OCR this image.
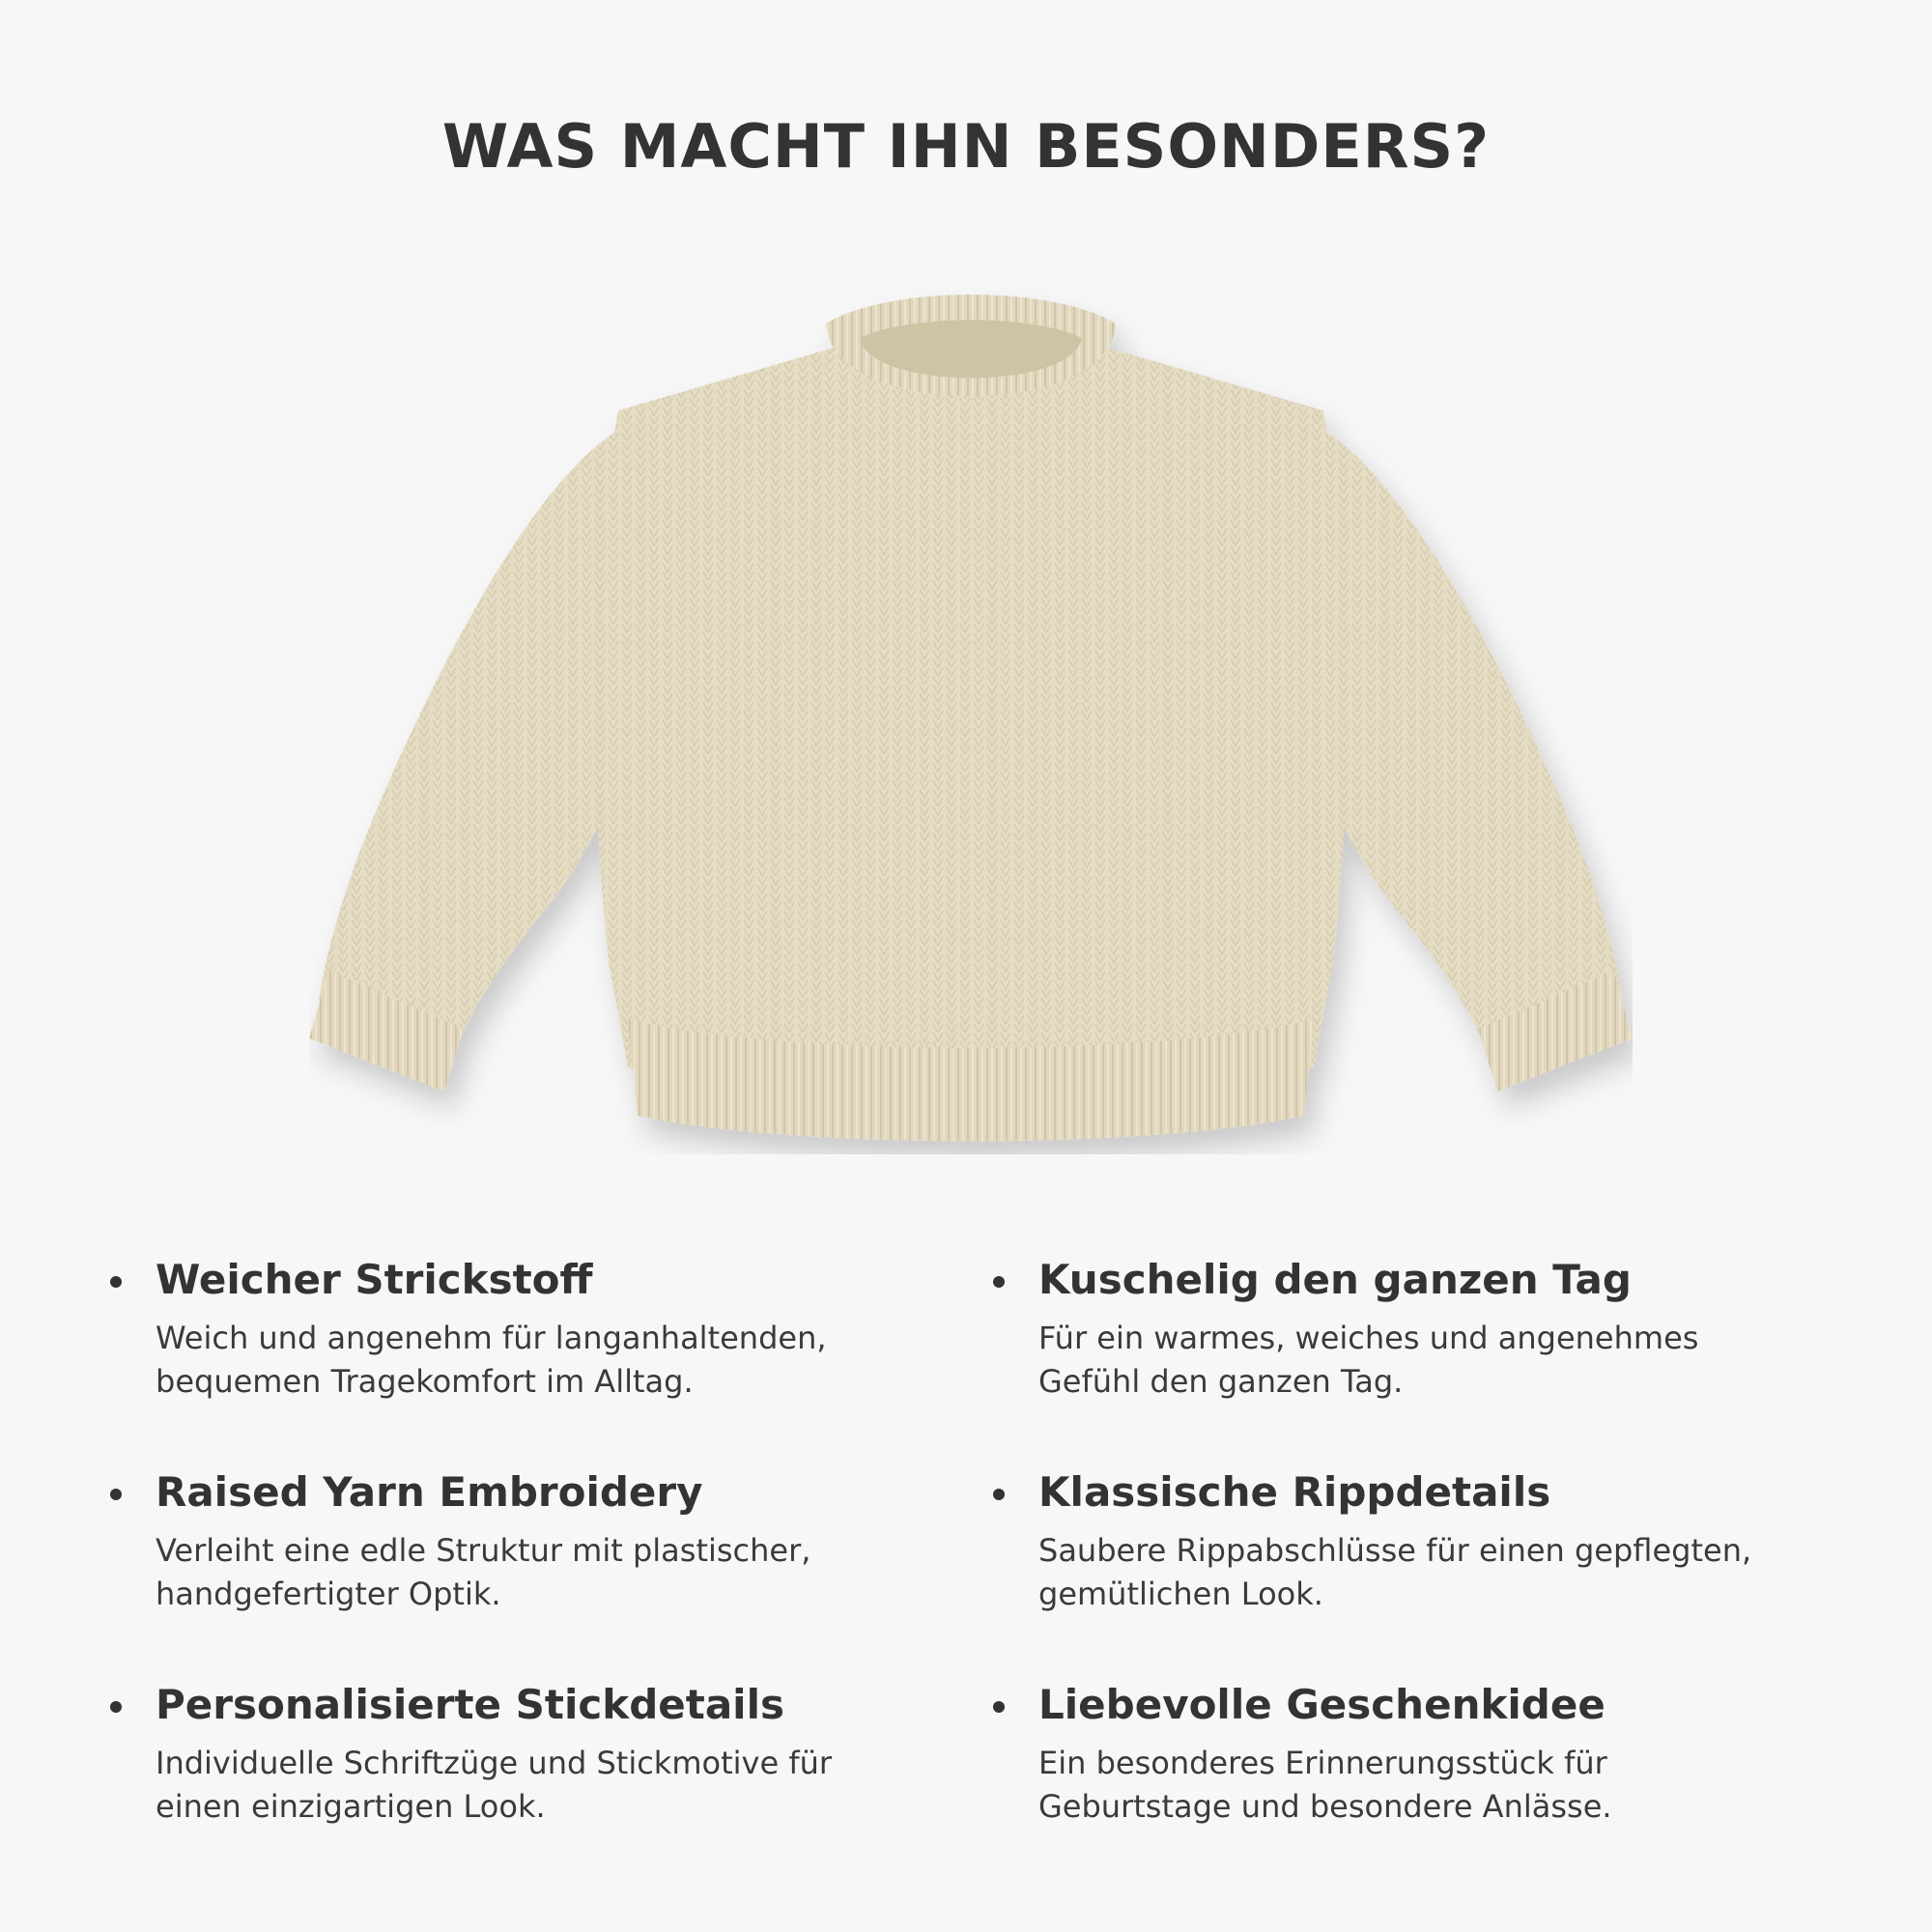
WAS MACHT IHN BESONDERS?
Weicher Strickstoff
Weich und angenehm für langanhaltenden,
bequemen Tragekomfort im Alltag.
Kuschelig den ganzen Tag
Für ein warmes, weiches und angenehmes
Gefühl den ganzen Tag.
Raised Yarn Embroidery
Verleiht eine edle Struktur mit plastischer,
handgefertigter Optik.
Klassische Rippdetails
Saubere Rippabschlüsse für einen gepflegten,
gemütlichen Look.
Personalisierte Stickdetails
Individuelle Schriftzüge und Stickmotive für
einen einzigartigen Look.
Liebevolle Geschenkidee
Ein besonderes Erinnerungsstück für
Geburtstage und besondere Anlässe.
